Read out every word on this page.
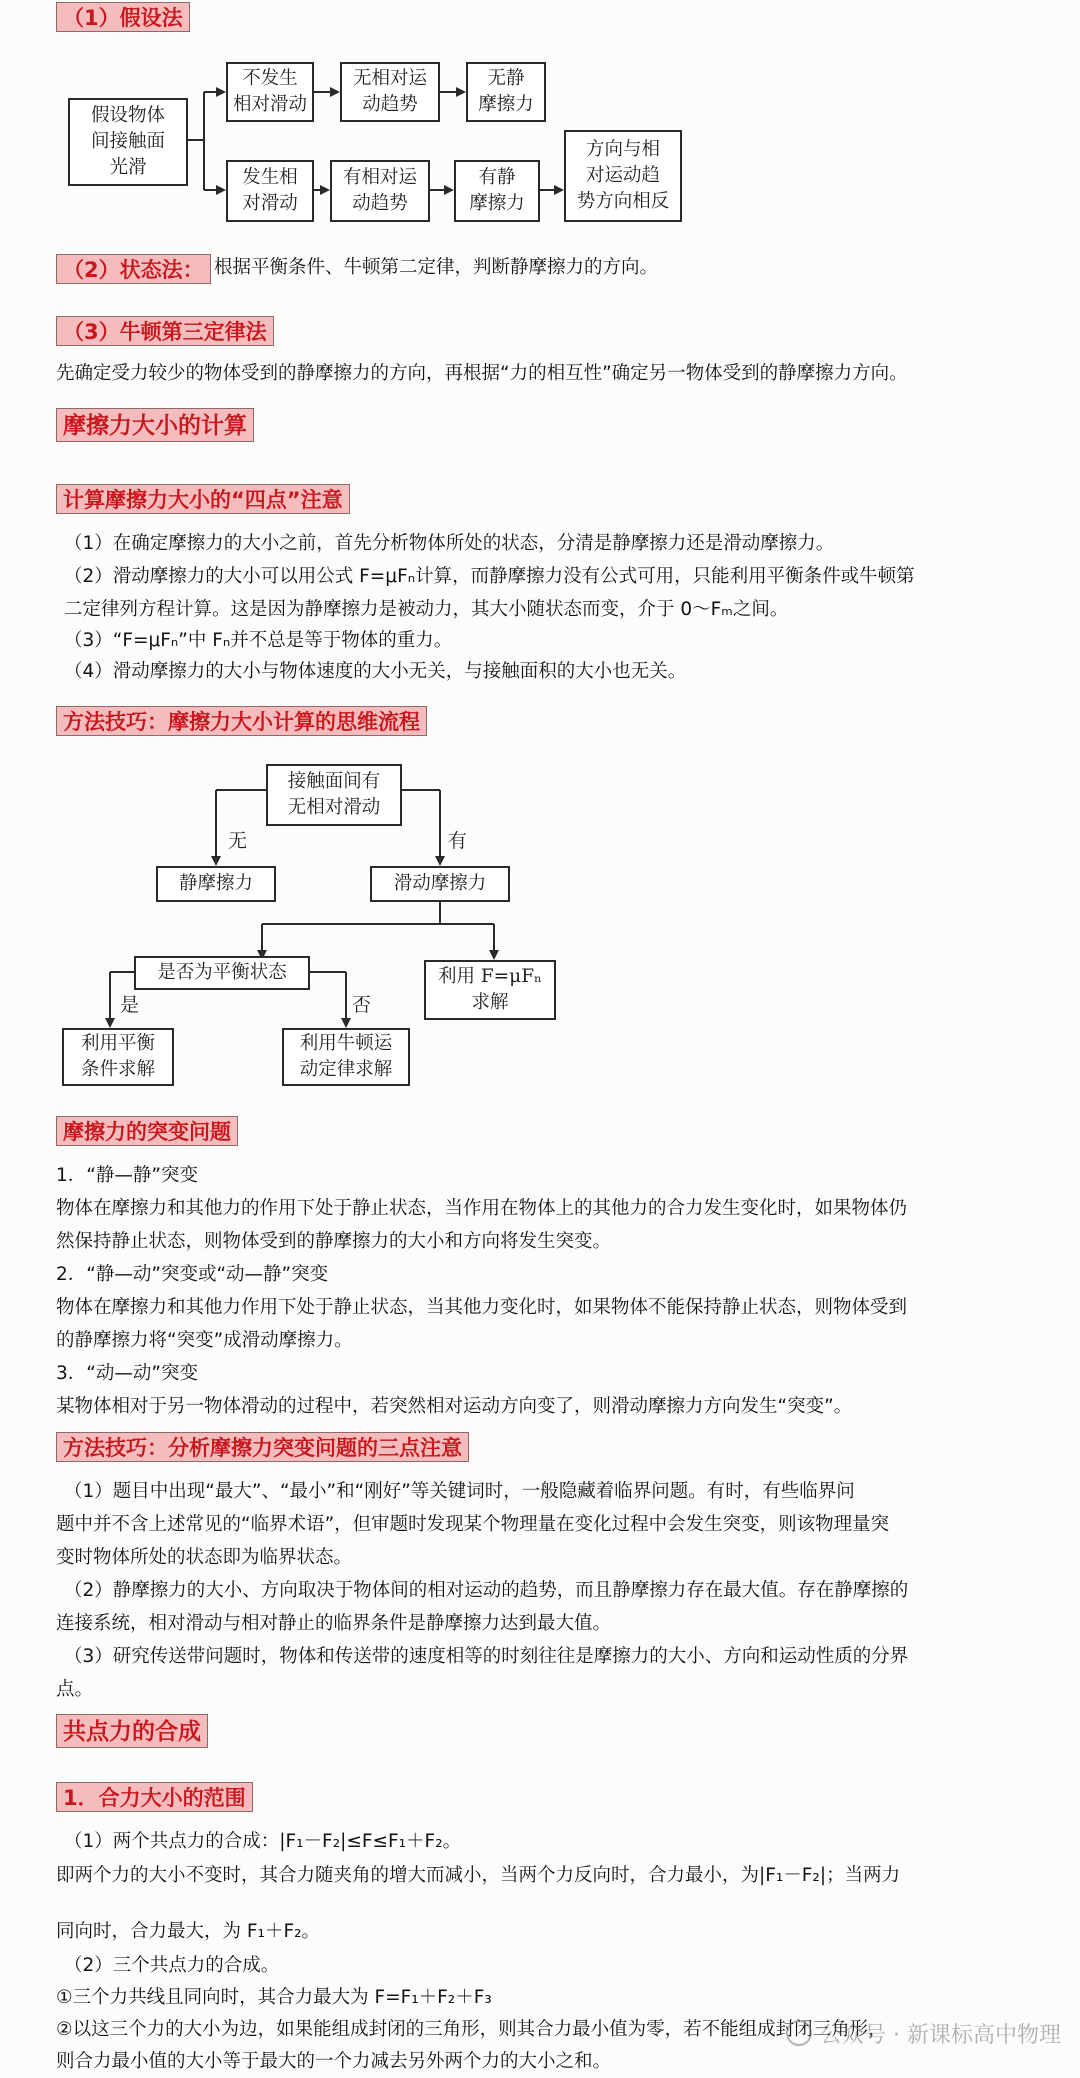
（1）假设法
假设物体
间接触面
光滑
不发生
相对滑动
无相对运
动趋势
无静
摩擦力
发生相
对滑动
有相对运
动趋势
有静
摩擦力
方向与相
对运动趋
势方向相反
（2）状态法： 根据平衡条件、牛顿第二定律，判断静摩擦力的方向。
（3）牛顿第三定律法
先确定受力较少的物体受到的静摩擦力的方向，再根据“力的相互性”确定另一物体受到的静摩擦力方向。
摩擦力大小的计算
计算摩擦力大小的“四点”注意
（1）在确定摩擦力的大小之前，首先分析物体所处的状态，分清是静摩擦力还是滑动摩擦力。
（2）滑动摩擦力的大小可以用公式 F=μFₙ计算，而静摩擦力没有公式可用，只能利用平衡条件或牛顿第
二定律列方程计算。这是因为静摩擦力是被动力，其大小随状态而变，介于 0～Fₘ之间。
（3）“F=μFₙ”中 Fₙ并不总是等于物体的重力。
（4）滑动摩擦力的大小与物体速度的大小无关，与接触面积的大小也无关。
方法技巧：摩擦力大小计算的思维流程
接触面间有
无相对滑动
静摩擦力	滑动摩擦力
是否为平衡状态	利用 F=μFₙ
求解
利用平衡
条件求解
利用牛顿运
动定律求解
无	有
是	否
摩擦力的突变问题
1．“静—静”突变
物体在摩擦力和其他力的作用下处于静止状态，当作用在物体上的其他力的合力发生变化时，如果物体仍
然保持静止状态，则物体受到的静摩擦力的大小和方向将发生突变。
2．“静—动”突变或“动—静”突变
物体在摩擦力和其他力作用下处于静止状态，当其他力变化时，如果物体不能保持静止状态，则物体受到
的静摩擦力将“突变”成滑动摩擦力。
3．“动—动”突变
某物体相对于另一物体滑动的过程中，若突然相对运动方向变了，则滑动摩擦力方向发生“突变”。
方法技巧：分析摩擦力突变问题的三点注意
（1）题目中出现“最大”、“最小”和“刚好”等关键词时，一般隐藏着临界问题。有时，有些临界问
题中并不含上述常见的“临界术语”，但审题时发现某个物理量在变化过程中会发生突变，则该物理量突
变时物体所处的状态即为临界状态。
（2）静摩擦力的大小、方向取决于物体间的相对运动的趋势，而且静摩擦力存在最大值。存在静摩擦的
连接系统，相对滑动与相对静止的临界条件是静摩擦力达到最大值。
（3）研究传送带问题时，物体和传送带的速度相等的时刻往往是摩擦力的大小、方向和运动性质的分界
点。
共点力的合成
1．合力大小的范围
（1）两个共点力的合成：|F₁－F₂|≤F≤F₁＋F₂。
即两个力的大小不变时，其合力随夹角的增大而减小，当两个力反向时，合力最小，为|F₁－F₂|；当两力
同向时，合力最大，为 F₁＋F₂。
（2）三个共点力的合成。
①三个力共线且同向时，其合力最大为 F=F₁＋F₂＋F₃
②以这三个力的大小为边，如果能组成封闭的三角形，则其合力最小值为零，若不能组成封闭三角形，
则合力最小值的大小等于最大的一个力减去另外两个力的大小之和。
公众号 · 新课标高中物理
